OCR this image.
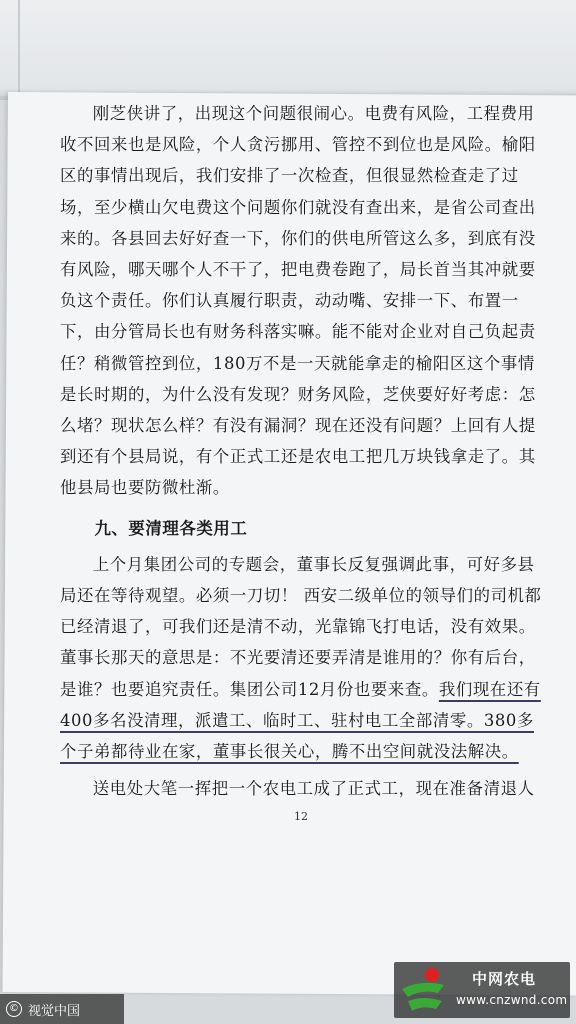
刚芝侠讲了，出现这个问题很闹心。电费有风险，工程费用收不回来也是风险，个人贪污挪用、管控不到位也是风险。榆阳区的事情出现后，我们安排了一次检查，但很显然检查走了过场，至少横山欠电费这个问题你们就没有查出来，是省公司查出来的。各县回去好好查一下，你们的供电所管这么多，到底有没有风险，哪天哪个人不干了，把电费卷跑了，局长首当其冲就要负这个责任。你们认真履行职责，动动嘴、安排一下、布置一下，由分管局长也有财务科落实嘛。能不能对企业对自己负起责任？稍微管控到位，180万不是一天就能拿走的榆阳区这个事情是长时期的，为什么没有发现？财务风险，芝侠要好好考虑：怎么堵？现状怎么样？有没有漏洞？现在还没有问题？上回有人提到还有个县局说，有个正式工还是农电工把几万块钱拿走了。其他县局也要防微杜渐。

九、要清理各类用工

上个月集团公司的专题会，董事长反复强调此事，可好多县局还在等待观望。必须一刀切！ 西安二级单位的领导们的司机都已经清退了，可我们还是清不动，光靠锦飞打电话，没有效果。董事长那天的意思是：不光要清还要弄清是谁用的？你有后台，是谁？也要追究责任。集团公司12月份也要来查。我们现在还有400多名没清理，派遣工、临时工、驻村电工全部清零。380多个子弟都待业在家，董事长很关心，腾不出空间就没法解决。

送电处大笔一挥把一个农电工成了正式工，现在准备清退人

12
© 视觉中国
中网农电
www.cnzwnd.com
